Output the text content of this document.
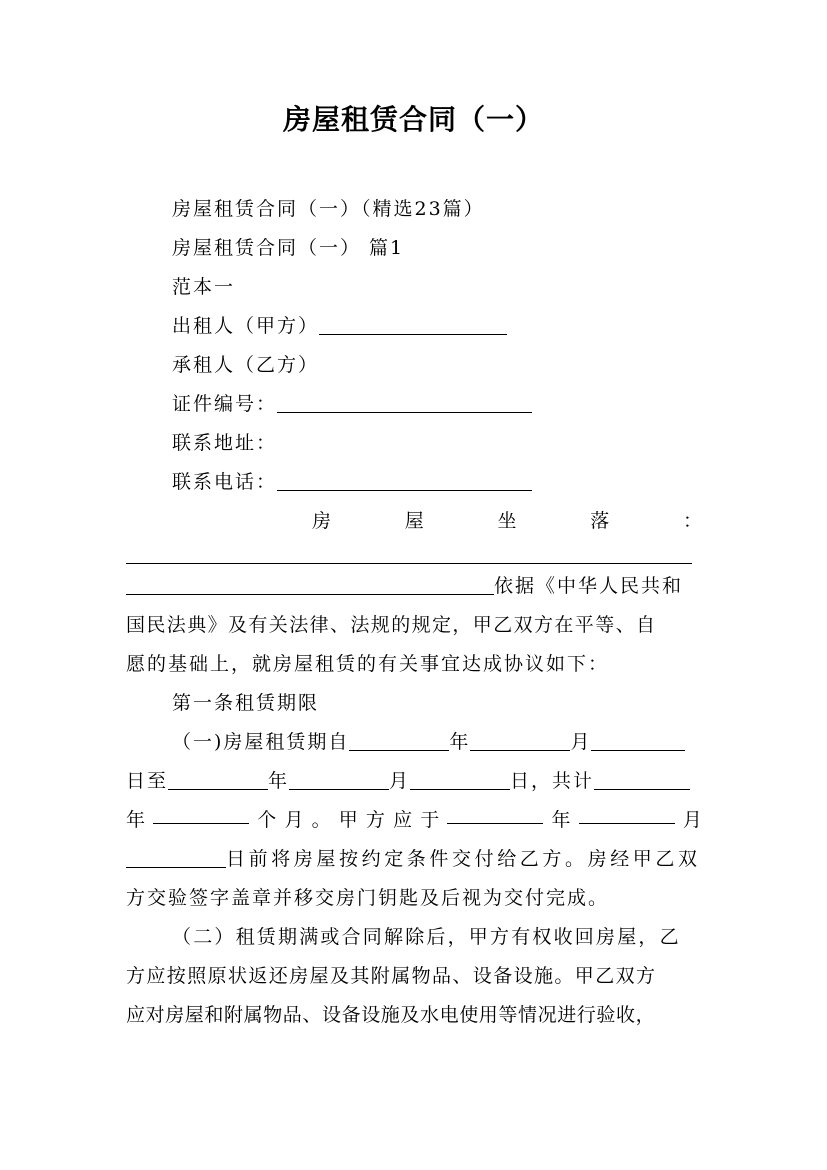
房屋租赁合同（一）
房屋租赁合同（一）（精选23篇）
房屋租赁合同（一） 篇1
范本一
出租人（甲方）
承租人（乙方）
证件编号：
联系地址：
联系电话：
房	屋	坐	落	：
依据《中华人民共和
国民法典》及有关法律、法规的规定，甲乙双方在平等、自
愿的基础上，就房屋租赁的有关事宜达成协议如下：
第一条租赁期限
（一)房屋租赁期自	年	月
日至	年	月	日，共计
年	个 月 。 甲 方 应 于	年	月
日前将房屋按约定条件交付给乙方。房经甲乙双
方交验签字盖章并移交房门钥匙及后视为交付完成。
（二）租赁期满或合同解除后，甲方有权收回房屋，乙
方应按照原状返还房屋及其附属物品、设备设施。甲乙双方
应对房屋和附属物品、设备设施及水电使用等情况进行验收，
